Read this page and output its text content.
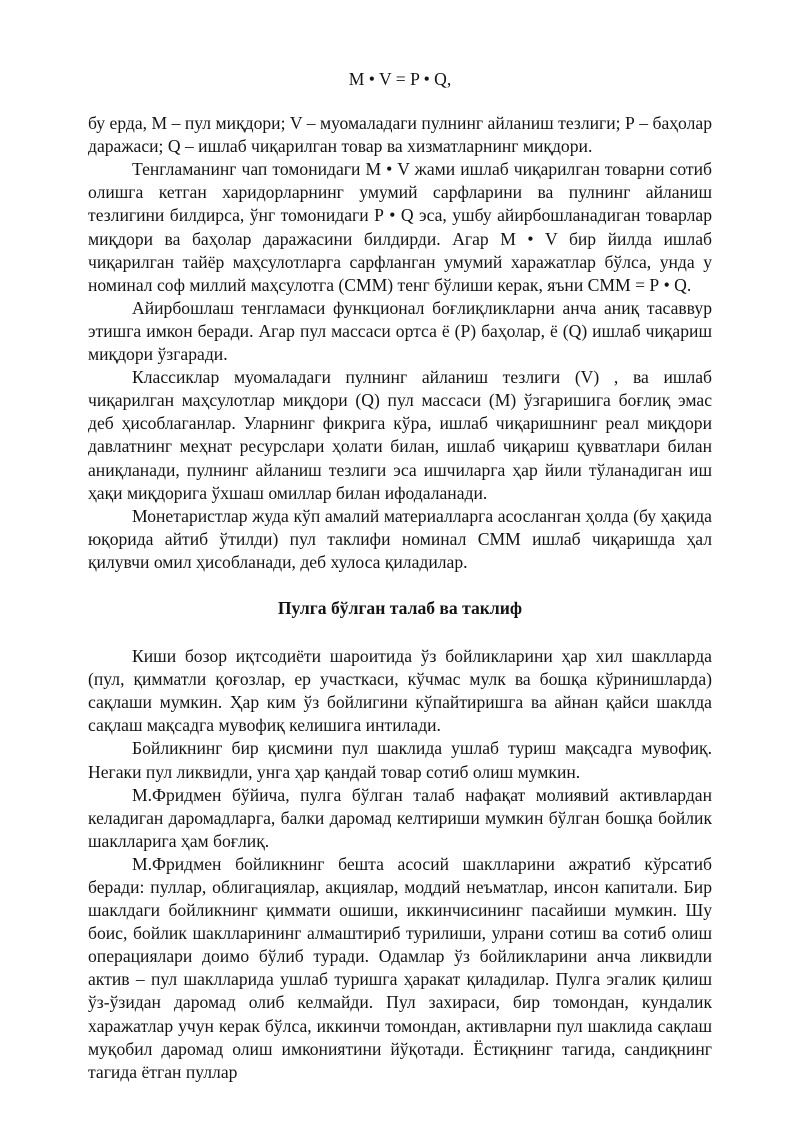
M • V = P • Q,

бу ерда, М – пул миқдори; V – муомаладаги пулнинг айланиш тезлиги; Р – баҳолар даражаси; Q – ишлаб чиқарилган товар ва хизматларнинг миқдори.

Тенгламанинг чап томонидаги М • V жами ишлаб чиқарилган товарни сотиб олишга кетган харидорларнинг умумий сарфларини ва пулнинг айланиш тезлигини билдирса, ўнг томонидаги Р • Q эса, ушбу айирбошланадиган товарлар миқдори ва баҳолар даражасини билдирди. Агар М • V бир йилда ишлаб чиқарилган тайёр маҳсулотларга сарфланган умумий харажатлар бўлса, унда у номинал соф миллий маҳсулотга (СММ) тенг бўлиши керак, яъни СММ = Р • Q.

Айирбошлаш тенгламаси функционал боғлиқликларни анча аниқ тасаввур этишга имкон беради. Агар пул массаси ортса ё (Р) баҳолар, ё (Q) ишлаб чиқариш миқдори ўзгаради.

Классиклар муомаладаги пулнинг айланиш тезлиги (V) , ва ишлаб чиқарилган маҳсулотлар миқдори (Q) пул массаси (М) ўзгаришига боғлиқ эмас деб ҳисоблаганлар. Уларнинг фикрига кўра, ишлаб чиқаришнинг реал миқдори давлатнинг меҳнат ресурслари ҳолати билан, ишлаб чиқариш қувватлари билан аниқланади, пулнинг айланиш тезлиги эса ишчиларга ҳар йили тўланадиган иш ҳақи миқдорига ўхшаш омиллар билан ифодаланади.

Монетаристлар жуда кўп амалий материалларга асосланган ҳолда (бу ҳақида юқорида айтиб ўтилди) пул таклифи номинал СММ ишлаб чиқаришда ҳал қилувчи омил ҳисобланади, деб хулоса қиладилар.

Пулга бўлган талаб ва таклиф

Киши бозор иқтсодиёти шароитида ўз бойликларини ҳар хил шаклларда (пул, қимматли қоғозлар, ер участкаси, кўчмас мулк ва бошқа кўринишларда) сақлаши мумкин. Ҳар ким ўз бойлигини кўпайтиришга ва айнан қайси шаклда сақлаш мақсадга мувофиқ келишига интилади.

Бойликнинг бир қисмини пул шаклида ушлаб туриш мақсадга мувофиқ. Негаки пул ликвидли, унга ҳар қандай товар сотиб олиш мумкин.

М.Фридмен бўйича, пулга бўлган талаб нафақат молиявий активлардан келадиган даромадларга, балки даромад келтириши мумкин бўлган бошқа бойлик шаклларига ҳам боғлиқ.

М.Фридмен бойликнинг бешта асосий шаклларини ажратиб кўрсатиб беради: пуллар, облигациялар, акциялар, моддий неъматлар, инсон капитали. Бир шаклдаги бойликнинг қиммати ошиши, иккинчисининг пасайиши мумкин. Шу боис, бойлик шаклларининг алмаштириб турилиши, улрани сотиш ва сотиб олиш операциялари доимо бўлиб туради. Одамлар ўз бойликларини анча ликвидли актив – пул шаклларида ушлаб туришга ҳаракат қиладилар. Пулга эгалик қилиш ўз-ўзидан даромад олиб келмайди. Пул захираси, бир томондан, кундалик харажатлар учун керак бўлса, иккинчи томондан, активларни пул шаклида сақлаш муқобил даромад олиш имкониятини йўқотади. Ёстиқнинг тагида, сандиқнинг тагида ётган пуллар
